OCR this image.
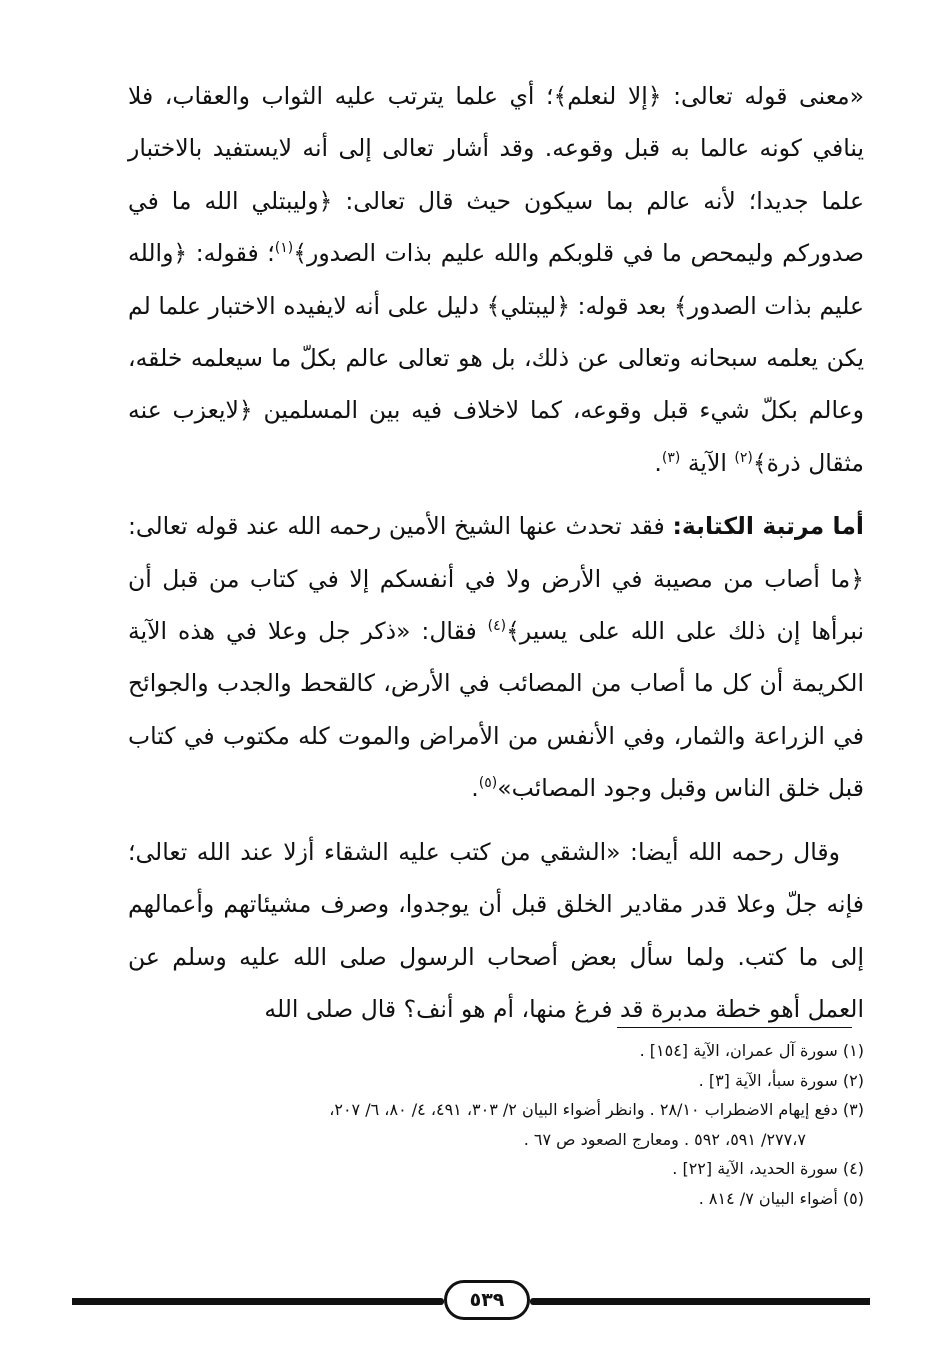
«معنى قوله تعالى: ﴿إلا لنعلم﴾؛ أي علما يترتب عليه الثواب والعقاب، فلا ينافي كونه عالما به قبل وقوعه. وقد أشار تعالى إلى أنه لايستفيد بالاختبار علما جديدا؛ لأنه عالم بما سيكون حيث قال تعالى: ﴿وليبتلي الله ما في صدوركم وليمحص ما في قلوبكم والله عليم بذات الصدور﴾$^{(١)}$؛ فقوله: ﴿والله عليم بذات الصدور﴾ بعد قوله: ﴿ليبتلي﴾ دليل على أنه لايفيده الاختبار علما لم يكن يعلمه سبحانه وتعالى عن ذلك، بل هو تعالى عالم بكلّ ما سيعلمه خلقه، وعالم بكلّ شيء قبل وقوعه، كما لاخلاف فيه بين المسلمين ﴿لايعزب عنه مثقال ذرة﴾$^{(٢)}$ الآية $^{(٣)}$.

أما مرتبة الكتابة: فقد تحدث عنها الشيخ الأمين رحمه الله عند قوله تعالى: ﴿ما أصاب من مصيبة في الأرض ولا في أنفسكم إلا في كتاب من قبل أن نبرأها إن ذلك على الله على يسير﴾$^{(٤)}$ فقال: «ذكر جل وعلا في هذه الآية الكريمة أن كل ما أصاب من المصائب في الأرض، كالقحط والجدب والجوائح في الزراعة والثمار، وفي الأنفس من الأمراض والموت كله مكتوب في كتاب قبل خلق الناس وقبل وجود المصائب»$^{(٥)}$.

وقال رحمه الله أيضا: «الشقي من كتب عليه الشقاء أزلا عند الله تعالى؛ فإنه جلّ وعلا قدر مقادير الخلق قبل أن يوجدوا، وصرف مشيئاتهم وأعمالهم إلى ما كتب. ولما سأل بعض أصحاب الرسول صلى الله عليه وسلم عن العمل أهو خطة مدبرة قد فرغ منها، أم هو أنف؟ قال صلى الله

(١) سورة آل عمران، الآية [١٥٤] .

(٢) سورة سبأ، الآية [٣] .

(٣) دفع إيهام الاضطراب ٢٨/١٠ . وانظر أضواء البيان ٢/ ٣٠٣، ٤٩١، ٤/ ٨٠، ٦/ ٢٠٧،
٢٧٧،٧/ ٥٩١، ٥٩٢ . ومعارج الصعود ص ٦٧ .

(٤) سورة الحديد، الآية [٢٢] .

(٥) أضواء البيان ٧/ ٨١٤ .

٥٣٩
